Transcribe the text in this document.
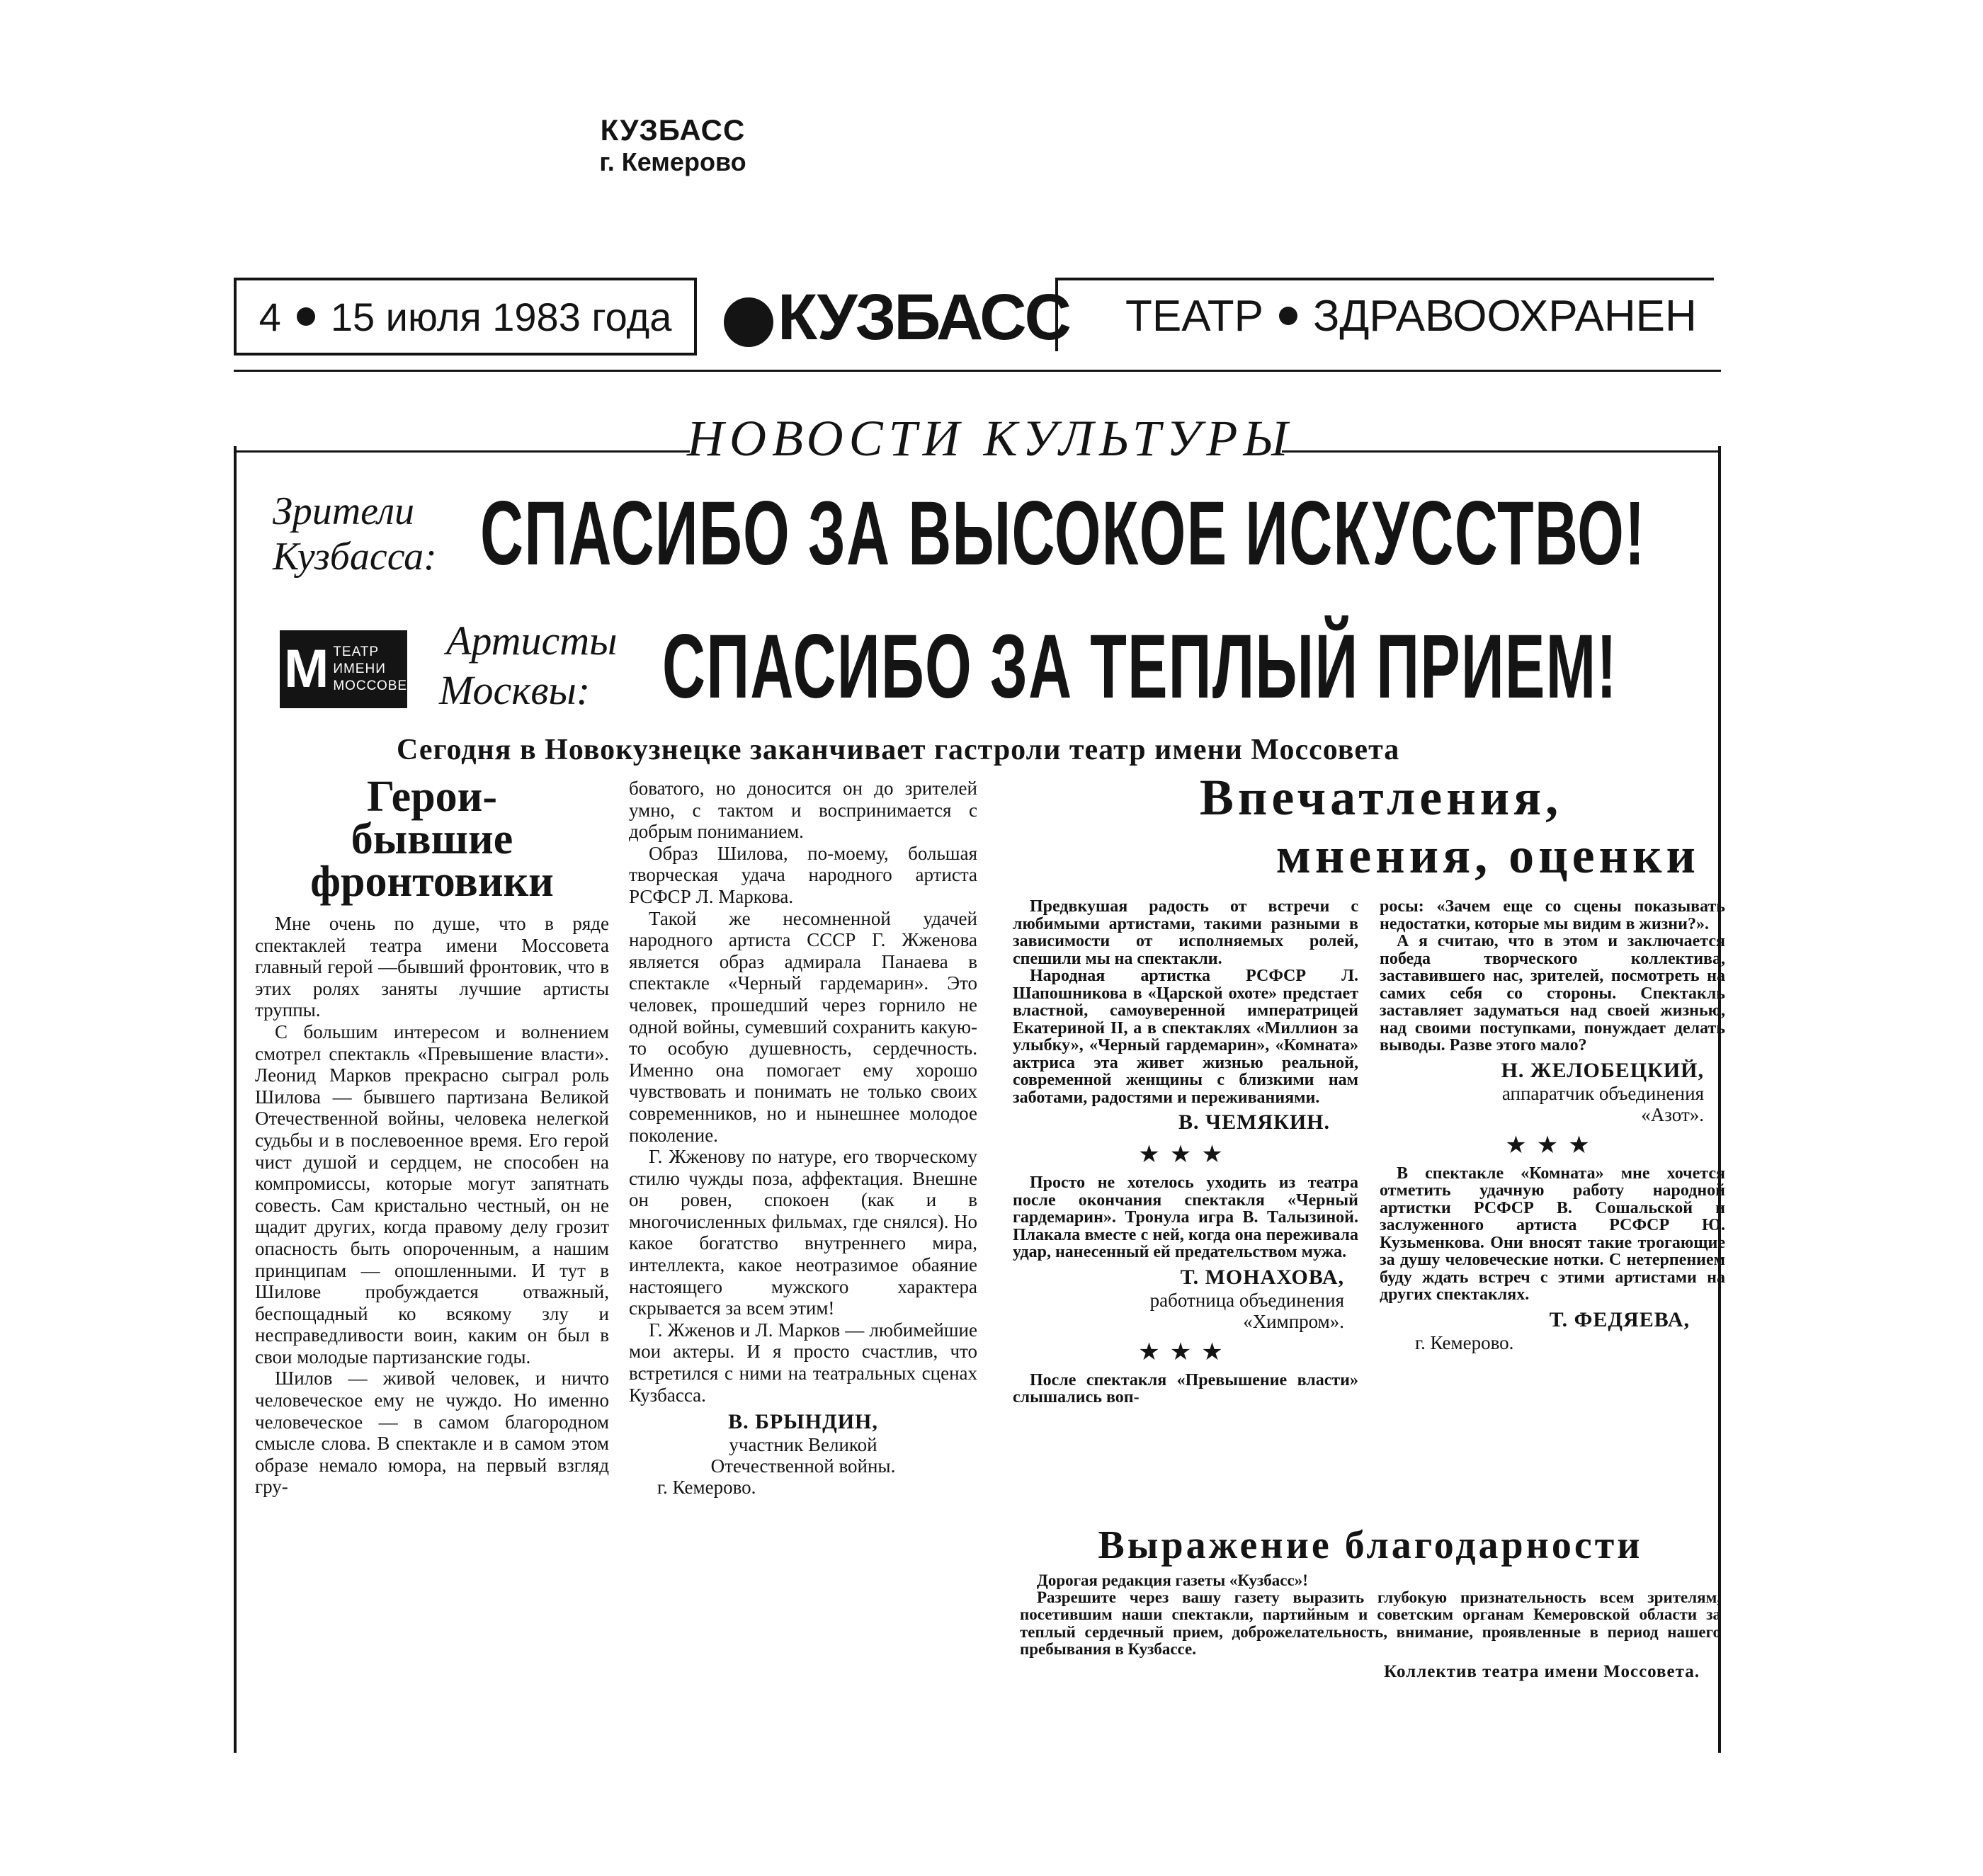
КУЗБАСС
г. Кемерово
4 15 июля 1983 года	КУЗБАСС ТЕАТР ЗДРАВООХРАНЕН
НОВОСТИ КУЛЬТУРЫ
Зрители
Кузбасса: СПАСИБО ЗА ВЫСОКОЕ ИСКУССТВО!
М ТЕАТР
ИМЕНИ
МОССОВЕТА
Артисты
Москвы: СПАСИБО ЗА ТЕПЛЫЙ ПРИЕМ!
Сегодня в Новокузнецке заканчивает гастроли театр имени Моссовета
Герои-
бывшие
фронтовики

Мне очень по душе, что в ряде спектаклей театра имени Моссовета главный герой —бывший фронтовик, что в этих ролях заняты лучшие артисты труппы.

С большим интересом и волнением смотрел спектакль «Превышение власти». Леонид Марков прекрасно сыграл роль Шилова — бывшего партизана Великой Отечественной войны, человека нелегкой судьбы и в послевоенное время. Его герой чист душой и сердцем, не способен на компромиссы, которые могут запятнать совесть. Сам кристально честный, он не щадит других, когда правому делу грозит опасность быть опороченным, а нашим принципам — опошленными. И тут в Шилове пробуждается отважный, беспощадный ко всякому злу и несправедливости воин, каким он был в свои молодые партизанские годы.

Шилов — живой человек, и ничто человеческое ему не чуждо. Но именно человеческое — в самом благородном смысле слова. В спектакле и в самом этом образе немало юмора, на первый взгляд гру-

боватого, но доносится он до зрителей умно, с тактом и воспринимается с добрым пониманием.

Образ Шилова, по-моему, большая творческая удача народного артиста РСФСР Л. Маркова.

Такой же несомненной удачей народного артиста СССР Г. Жженова является образ адмирала Панаева в спектакле «Черный гардемарин». Это человек, прошедший через горнило не одной войны, сумевший сохранить какую-то особую душевность, сердечность. Именно она помогает ему хорошо чувствовать и понимать не только своих современников, но и нынешнее молодое поколение.

Г. Жженову по натуре, его творческому стилю чужды поза, аффектация. Внешне он ровен, спокоен (как и в многочисленных фильмах, где снялся). Но какое богатство внутреннего мира, интеллекта, какое неотразимое обаяние настоящего мужского характера скрывается за всем этим!

Г. Жженов и Л. Марков — любимейшие мои актеры. И я просто счастлив, что встретился с ними на театральных сценах Кузбасса.

В. БРЫНДИН,
участник Великой
Отечественной войны.
г. Кемерово.
Впечатления,
мнения, оценки

Предвкушая радость от встречи с любимыми артистами, такими разными в зависимости от исполняемых ролей, спешили мы на спектакли.

Народная артистка РСФСР Л. Шапошникова в «Царской охоте» предстает властной, самоуверенной императрицей Екатериной II, а в спектаклях «Миллион за улыбку», «Черный гардемарин», «Комната» актриса эта живет жизнью реальной, современной женщины с близкими нам заботами, радостями и переживаниями.

В. ЧЕМЯКИН.
★★★

Просто не хотелось уходить из театра после окончания спектакля «Черный гардемарин». Тронула игра В. Талызиной. Плакала вместе с ней, когда она переживала удар, нанесенный ей предательством мужа.

Т. МОНАХОВА,
работница объединения
«Химпром».
★★★

После спектакля «Превышение власти» слышались воп-

росы: «Зачем еще со сцены показывать недостатки, которые мы видим в жизни?».

А я считаю, что в этом и заключается победа творческого коллектива, заставившего нас, зрителей, посмотреть на самих себя со стороны. Спектакль заставляет задуматься над своей жизнью, над своими поступками, понуждает делать выводы. Разве этого мало?

Н. ЖЕЛОБЕЦКИЙ,
аппаратчик объединения
«Азот».
★★★

В спектакле «Комната» мне хочется отметить удачную работу народной артистки РСФСР В. Сошальской и заслуженного артиста РСФСР Ю. Кузьменкова. Они вносят такие трогающие за душу человеческие нотки. С нетерпением буду ждать встреч с этими артистами на других спектаклях.

Т. ФЕДЯЕВА,
г. Кемерово.
Выражение благодарности

Дорогая редакция газеты «Кузбасс»!

Разрешите через вашу газету выразить глубокую признательность всем зрителям, посетившим наши спектакли, партийным и советским органам Кемеровской области за теплый сердечный прием, доброжелательность, внимание, проявленные в период нашего пребывания в Кузбассе.

Коллектив театра имени Моссовета.
